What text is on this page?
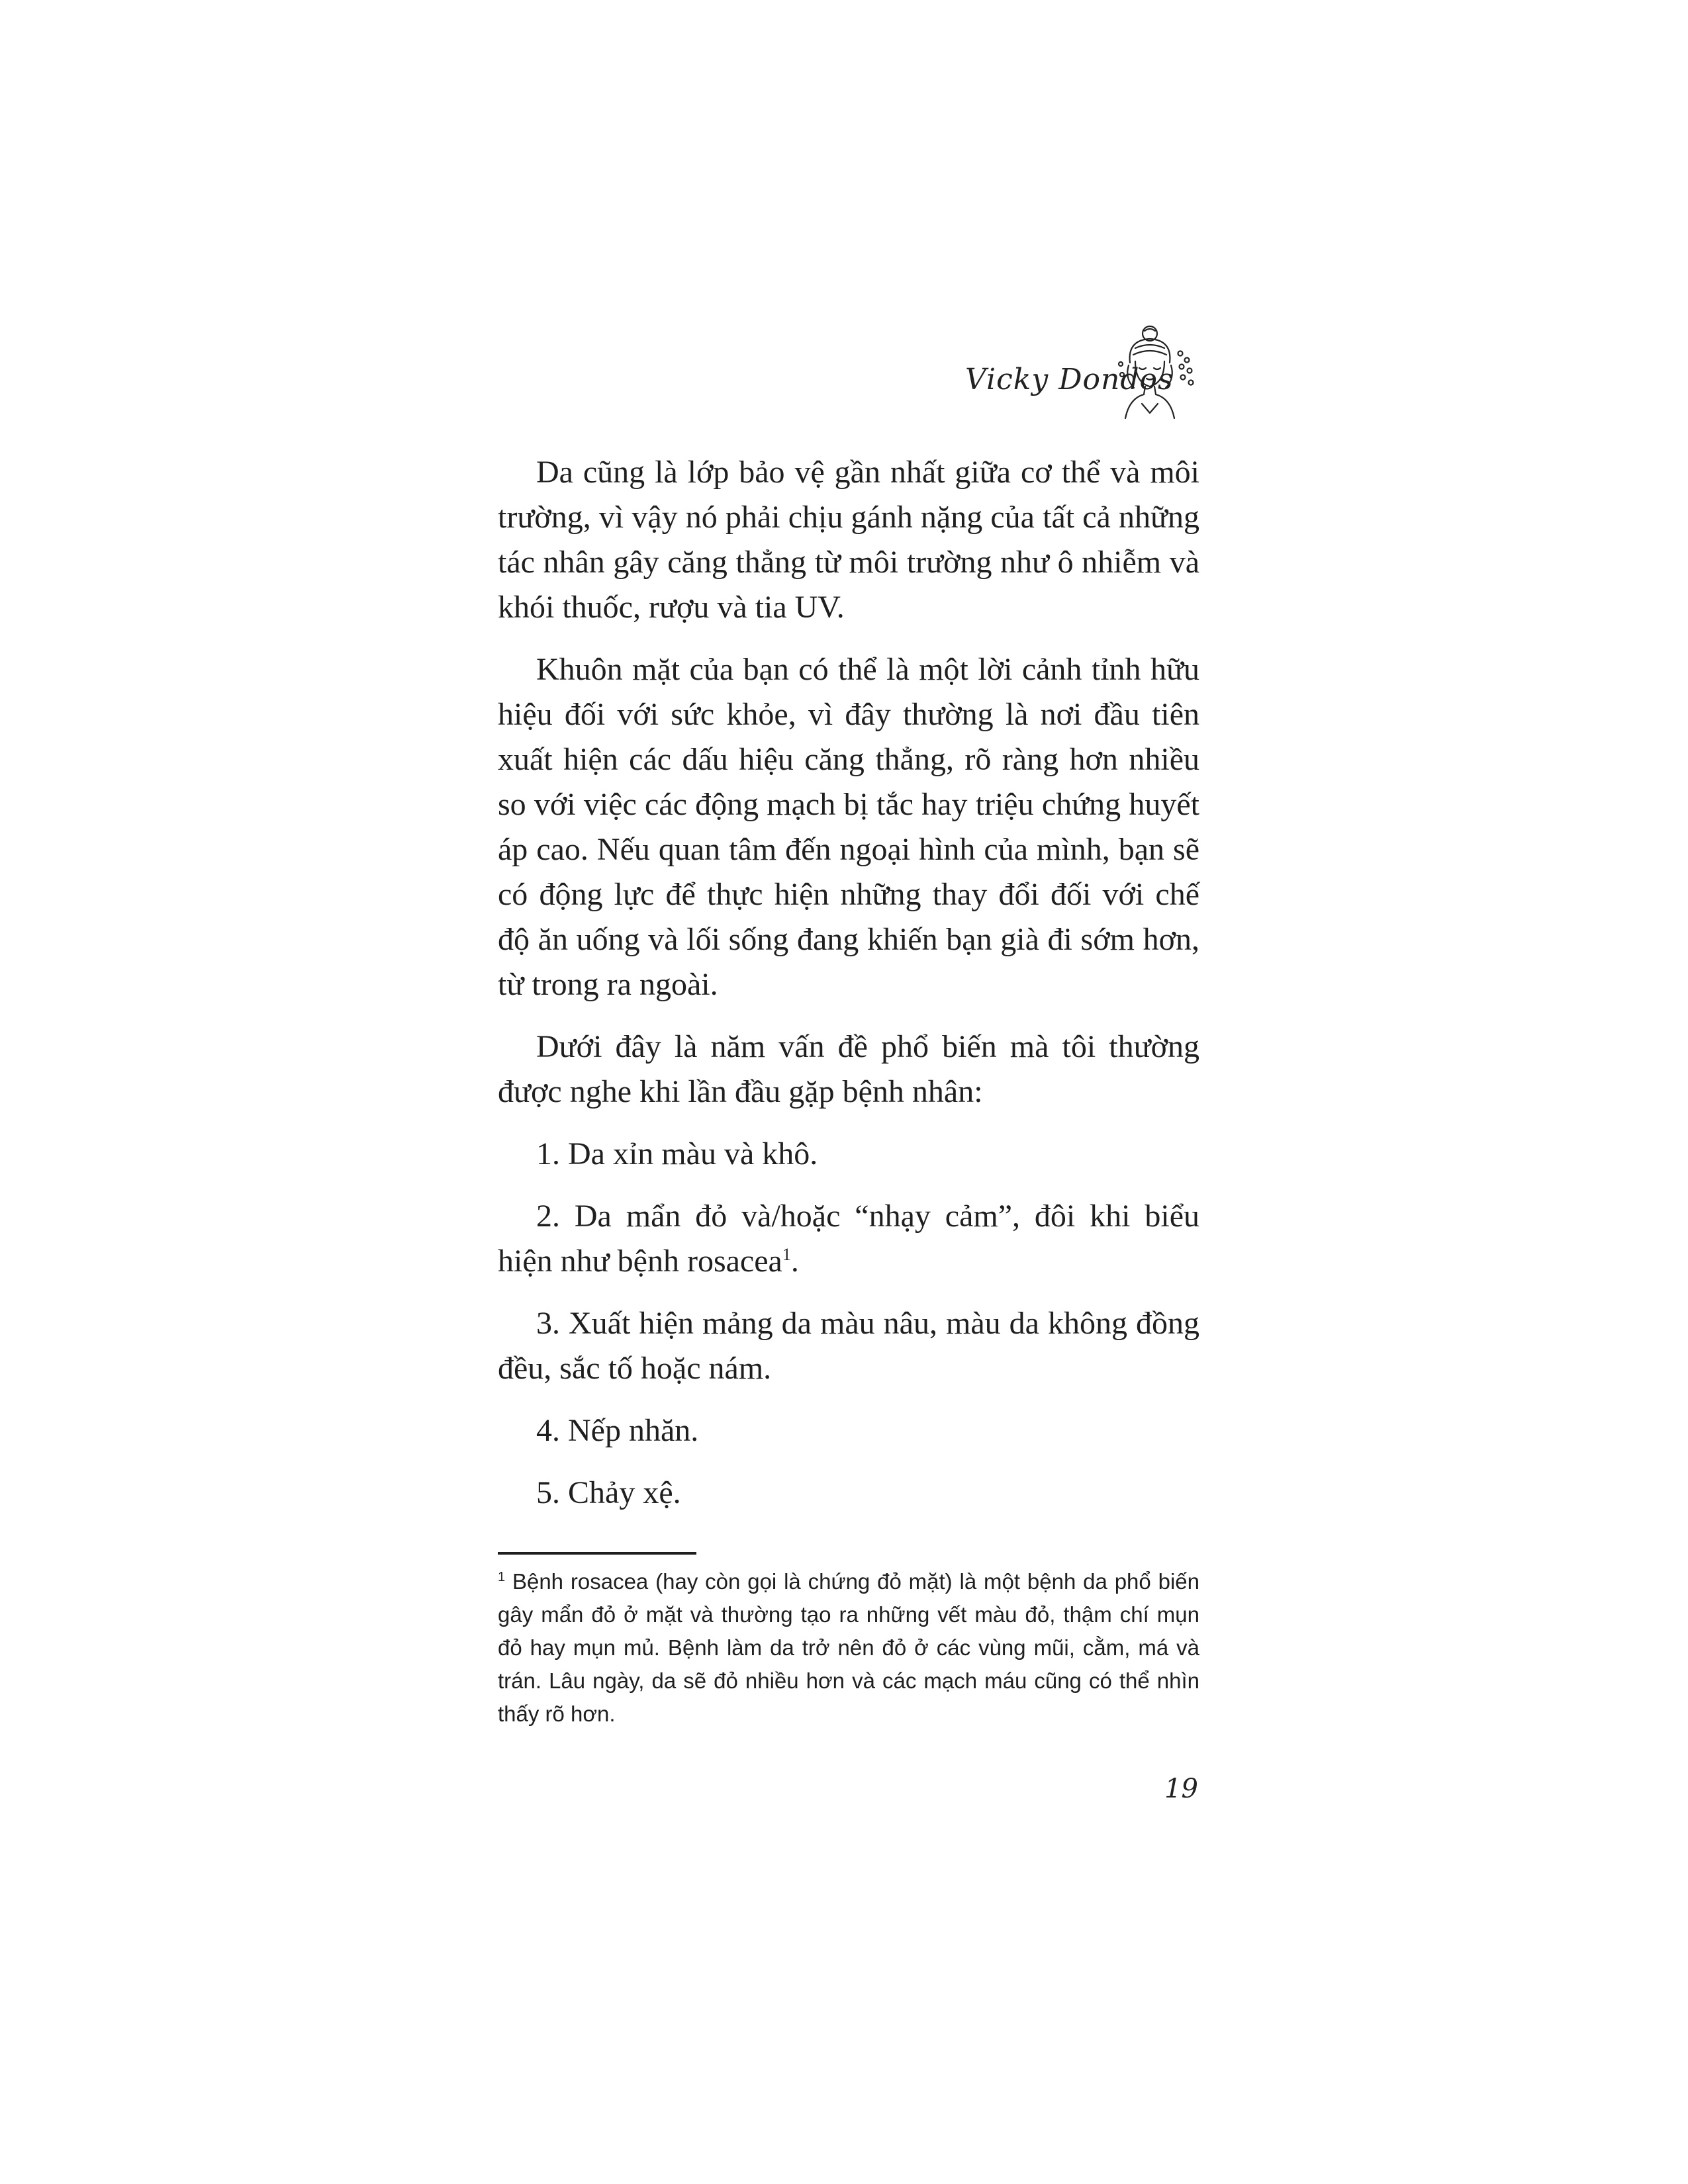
Vicky Dondos

Da cũng là lớp bảo vệ gần nhất giữa cơ thể và môi trường, vì vậy nó phải chịu gánh nặng của tất cả những tác nhân gây căng thẳng từ môi trường như ô nhiễm và khói thuốc, rượu và tia UV.

Khuôn mặt của bạn có thể là một lời cảnh tỉnh hữu hiệu đối với sức khỏe, vì đây thường là nơi đầu tiên xuất hiện các dấu hiệu căng thẳng, rõ ràng hơn nhiều so với việc các động mạch bị tắc hay triệu chứng huyết áp cao. Nếu quan tâm đến ngoại hình của mình, bạn sẽ có động lực để thực hiện những thay đổi đối với chế độ ăn uống và lối sống đang khiến bạn già đi sớm hơn, từ trong ra ngoài.

Dưới đây là năm vấn đề phổ biến mà tôi thường được nghe khi lần đầu gặp bệnh nhân:

1. Da xỉn màu và khô.

2. Da mẩn đỏ và/hoặc “nhạy cảm”, đôi khi biểu hiện như bệnh rosacea$^1$.

3. Xuất hiện mảng da màu nâu, màu da không đồng đều, sắc tố hoặc nám.

4. Nếp nhăn.

5. Chảy xệ.

$^1$ Bệnh rosacea (hay còn gọi là chứng đỏ mặt) là một bệnh da phổ biến gây mẩn đỏ ở mặt và thường tạo ra những vết màu đỏ, thậm chí mụn đỏ hay mụn mủ. Bệnh làm da trở nên đỏ ở các vùng mũi, cằm, má và trán. Lâu ngày, da sẽ đỏ nhiều hơn và các mạch máu cũng có thể nhìn thấy rõ hơn.
19
